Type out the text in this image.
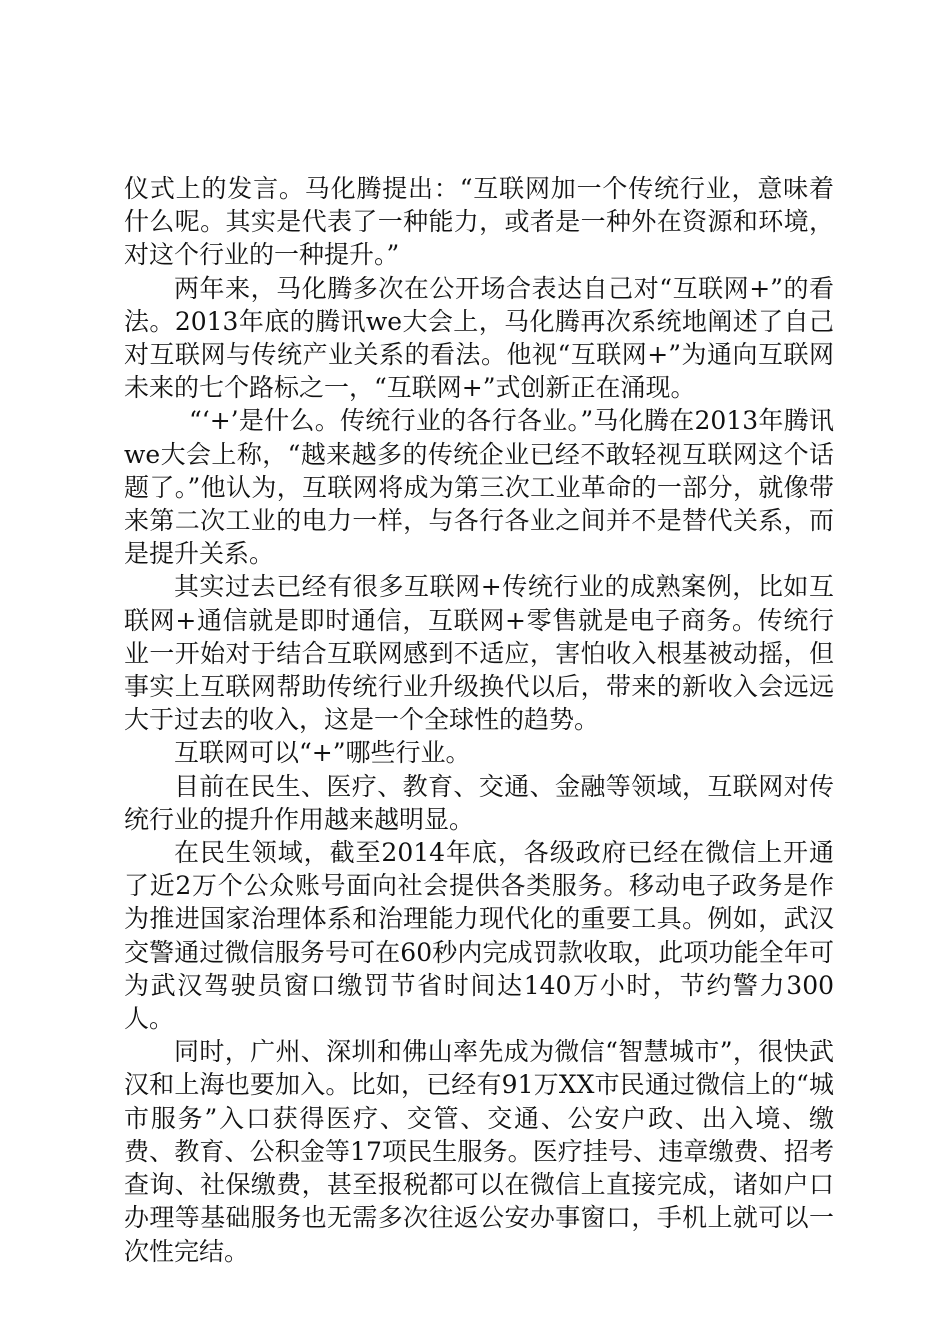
仪式上的发言。马化腾提出：“互联网加一个传统行业，意味着什么呢。其实是代表了一种能力，或者是一种外在资源和环境，对这个行业的一种提升。”

两年来，马化腾多次在公开场合表达自己对“互联网+”的看法。2013年底的腾讯we大会上，马化腾再次系统地阐述了自己对互联网与传统产业关系的看法。他视“互联网+”为通向互联网未来的七个路标之一，“互联网+”式创新正在涌现。

“‘+’是什么。传统行业的各行各业。”马化腾在2013年腾讯we大会上称，“越来越多的传统企业已经不敢轻视互联网这个话题了。”他认为，互联网将成为第三次工业革命的一部分，就像带来第二次工业的电力一样，与各行各业之间并不是替代关系，而是提升关系。

其实过去已经有很多互联网+传统行业的成熟案例，比如互联网+通信就是即时通信，互联网+零售就是电子商务。传统行业一开始对于结合互联网感到不适应，害怕收入根基被动摇，但事实上互联网帮助传统行业升级换代以后，带来的新收入会远远大于过去的收入，这是一个全球性的趋势。

互联网可以“+”哪些行业。

目前在民生、医疗、教育、交通、金融等领域，互联网对传统行业的提升作用越来越明显。

在民生领域，截至2014年底，各级政府已经在微信上开通了近2万个公众账号面向社会提供各类服务。移动电子政务是作为推进国家治理体系和治理能力现代化的重要工具。例如，武汉交警通过微信服务号可在60秒内完成罚款收取，此项功能全年可为武汉驾驶员窗口缴罚节省时间达140万小时，节约警力300人。

同时，广州、深圳和佛山率先成为微信“智慧城市”，很快武汉和上海也要加入。比如，已经有91万XX市民通过微信上的“城市服务”入口获得医疗、交管、交通、公安户政、出入境、缴费、教育、公积金等17项民生服务。医疗挂号、违章缴费、招考查询、社保缴费，甚至报税都可以在微信上直接完成，诸如户口办理等基础服务也无需多次往返公安办事窗口，手机上就可以一次性完结。
